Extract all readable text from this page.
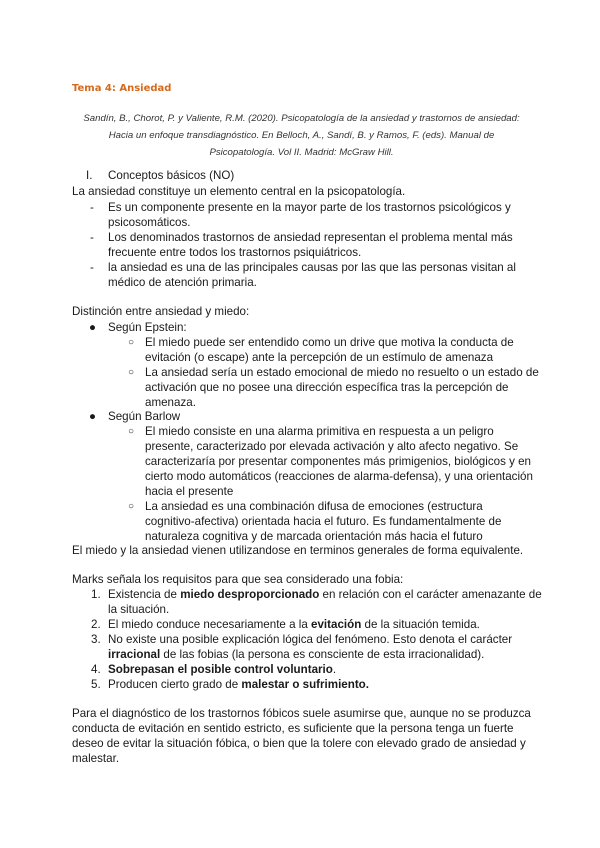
Tema 4: Ansiedad
Sandín, B., Chorot, P. y Valiente, R.M. (2020). Psicopatología de la ansiedad y trastornos de ansiedad:
Hacia un enfoque transdiagnóstico. En Belloch, A., Sandí, B. y Ramos, F. (eds). Manual de
Psicopatología. Vol II. Madrid: McGraw Hill.
I. Conceptos básicos (NO)
La ansiedad constituye un elemento central en la psicopatología.
- Es un componente presente en la mayor parte de los trastornos psicológicos y
psicosomáticos.
- Los denominados trastornos de ansiedad representan el problema mental más
frecuente entre todos los trastornos psiquiátricos.
- la ansiedad es una de las principales causas por las que las personas visitan al
médico de atención primaria.
Distinción entre ansiedad y miedo:
● Según Epstein:
○ El miedo puede ser entendido como un drive que motiva la conducta de
evitación (o escape) ante la percepción de un estímulo de amenaza
○ La ansiedad sería un estado emocional de miedo no resuelto o un estado de
activación que no posee una dirección específica tras la percepción de
amenaza.
● Según Barlow
○ El miedo consiste en una alarma primitiva en respuesta a un peligro
presente, caracterizado por elevada activación y alto afecto negativo. Se
caracterizaría por presentar componentes más primigenios, biológicos y en
cierto modo automáticos (reacciones de alarma-defensa), y una orientación
hacia el presente
○ La ansiedad es una combinación difusa de emociones (estructura
cognitivo-afectiva) orientada hacia el futuro. Es fundamentalmente de
naturaleza cognitiva y de marcada orientación más hacia el futuro
El miedo y la ansiedad vienen utilizandose en terminos generales de forma equivalente.
Marks señala los requisitos para que sea considerado una fobia:
1. Existencia de miedo desproporcionado en relación con el carácter amenazante de
la situación.
2. El miedo conduce necesariamente a la evitación de la situación temida.
3. No existe una posible explicación lógica del fenómeno. Esto denota el carácter
irracional de las fobias (la persona es consciente de esta irracionalidad).
4. Sobrepasan el posible control voluntario.
5. Producen cierto grado de malestar o sufrimiento.
Para el diagnóstico de los trastornos fóbicos suele asumirse que, aunque no se produzca
conducta de evitación en sentido estricto, es suficiente que la persona tenga un fuerte
deseo de evitar la situación fóbica, o bien que la tolere con elevado grado de ansiedad y
malestar.
